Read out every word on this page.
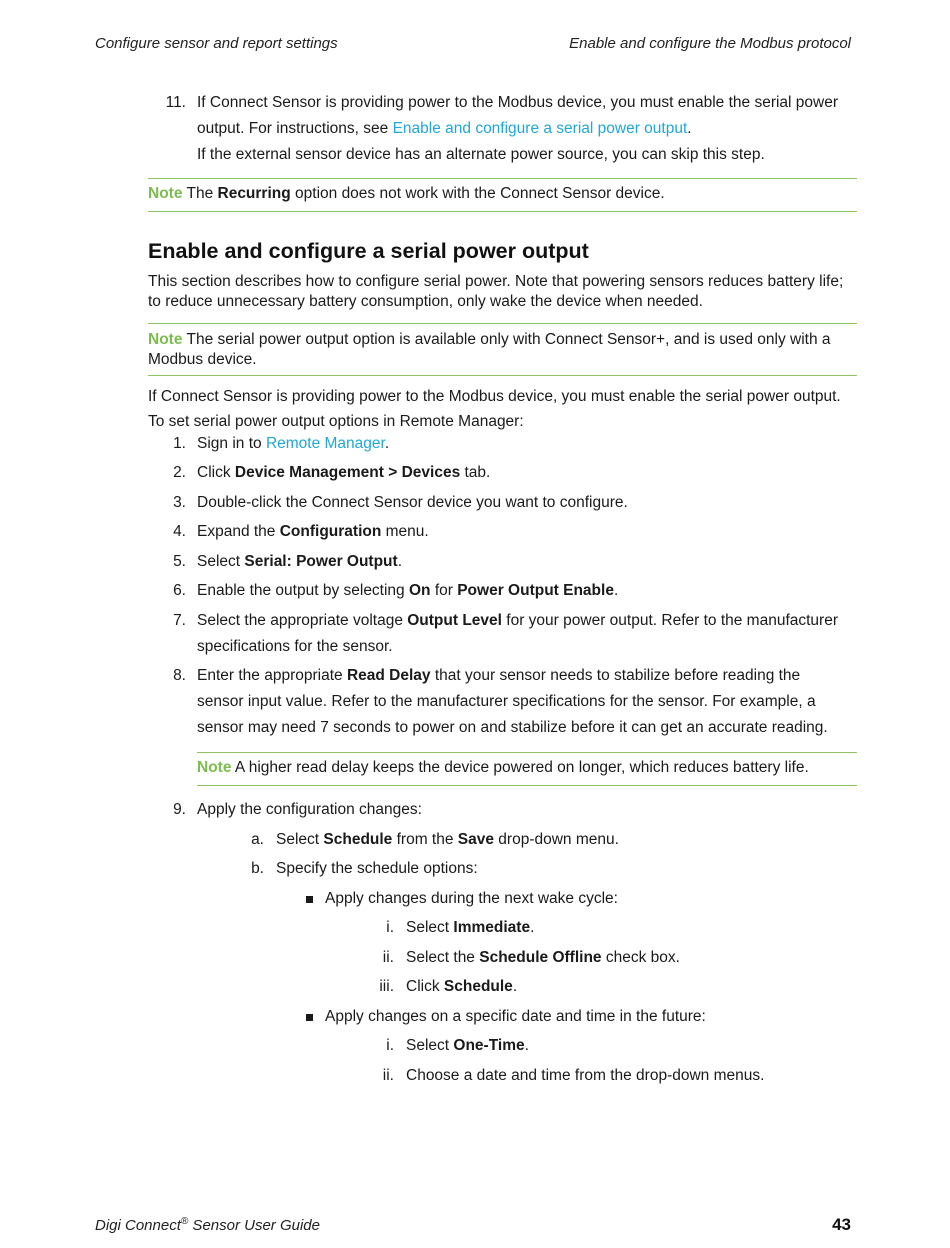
Configure sensor and report settings	Enable and configure the Modbus protocol
11. If Connect Sensor is providing power to the Modbus device, you must enable the serial power
output. For instructions, see Enable and configure a serial power output.
If the external sensor device has an alternate power source, you can skip this step.
Note The Recurring option does not work with the Connect Sensor device.
Enable and configure a serial power output
This section describes how to configure serial power. Note that powering sensors reduces battery life;
to reduce unnecessary battery consumption, only wake the device when needed.
Note The serial power output option is available only with Connect Sensor+, and is used only with a
Modbus device.
If Connect Sensor is providing power to the Modbus device, you must enable the serial power output.
To set serial power output options in Remote Manager:
1. Sign in to Remote Manager.
2. Click Device Management > Devices tab.
3. Double-click the Connect Sensor device you want to configure.
4. Expand the Configuration menu.
5. Select Serial: Power Output.
6. Enable the output by selecting On for Power Output Enable.
7. Select the appropriate voltage Output Level for your power output. Refer to the manufacturer
specifications for the sensor.
8. Enter the appropriate Read Delay that your sensor needs to stabilize before reading the
sensor input value. Refer to the manufacturer specifications for the sensor. For example, a
sensor may need 7 seconds to power on and stabilize before it can get an accurate reading.
Note A higher read delay keeps the device powered on longer, which reduces battery life.
9. Apply the configuration changes:
a. Select Schedule from the Save drop-down menu.
b. Specify the schedule options:
Apply changes during the next wake cycle:
i. Select Immediate.
ii. Select the Schedule Offline check box.
iii. Click Schedule.
Apply changes on a specific date and time in the future:
i. Select One-Time.
ii. Choose a date and time from the drop-down menus.
Digi Connect® Sensor User Guide	43
